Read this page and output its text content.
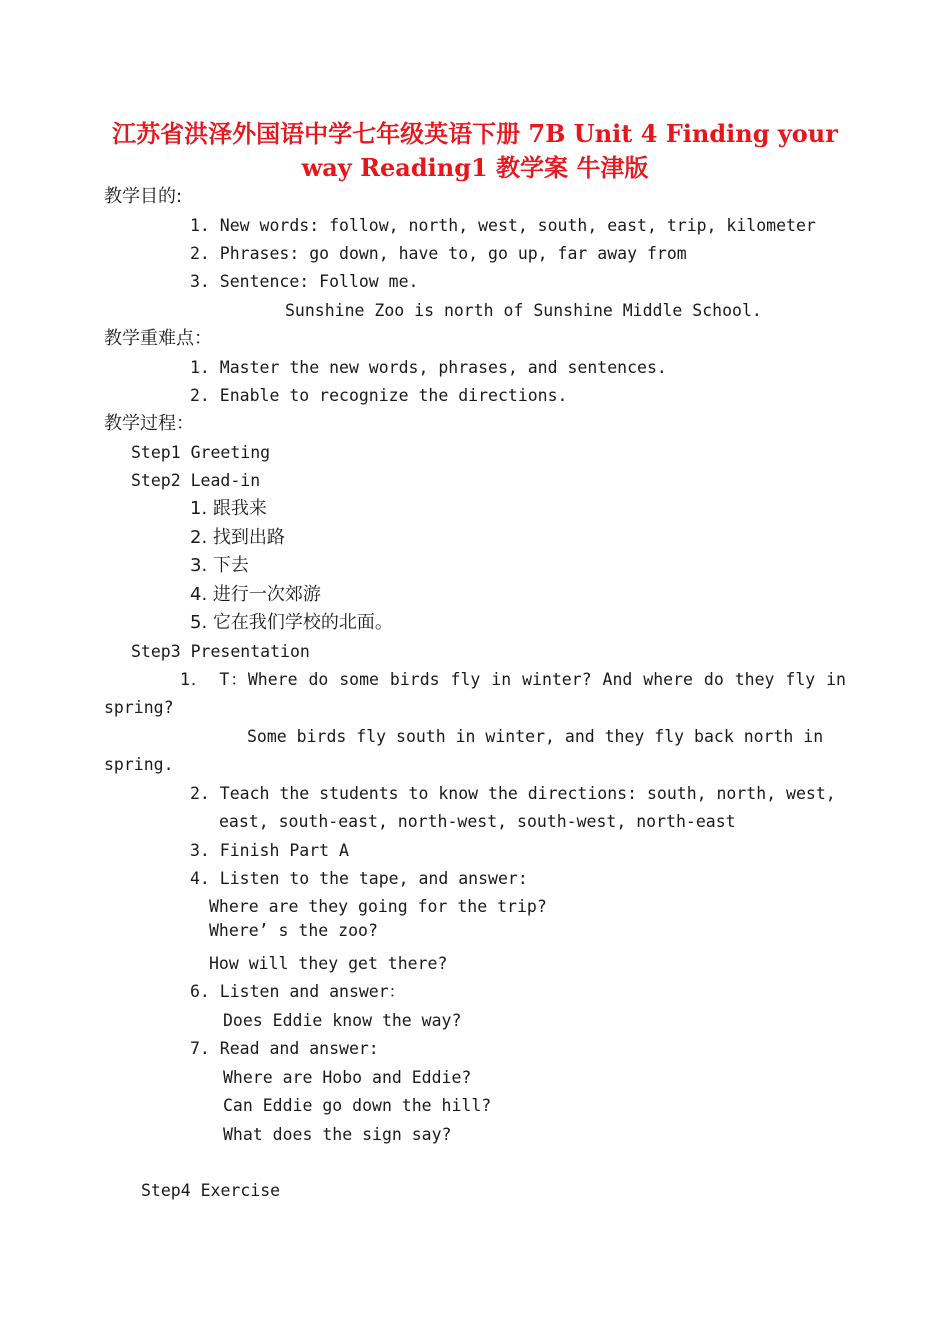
江苏省洪泽外国语中学七年级英语下册 7B Unit 4 Finding your
way Reading1 教学案 牛津版
教学目的:
1. New words: follow, north, west, south, east, trip, kilometer
2. Phrases: go down, have to, go up, far away from
3. Sentence: Follow me.
Sunshine Zoo is north of Sunshine Middle School.
教学重难点：
1. Master the new words, phrases, and sentences.
2. Enable to recognize the directions.
教学过程：
Step1 Greeting
Step2 Lead-in
1. 跟我来
2. 找到出路
3. 下去
4. 进行一次郊游
5. 它在我们学校的北面。
Step3 Presentation
1． T：Where do some birds fly in winter? And where do they fly in
spring?
Some birds fly south in winter, and they fly back north in
spring.
2. Teach the students to know the directions: south, north, west,
east, south-east, north-west, south-west, north-east
3. Finish Part A
4. Listen to the tape, and answer:
Where are they going for the trip?
Where’ s the zoo?
How will they get there?
6. Listen and answer：
Does Eddie know the way?
7. Read and answer:
Where are Hobo and Eddie?
Can Eddie go down the hill?
What does the sign say?
Step4 Exercise
